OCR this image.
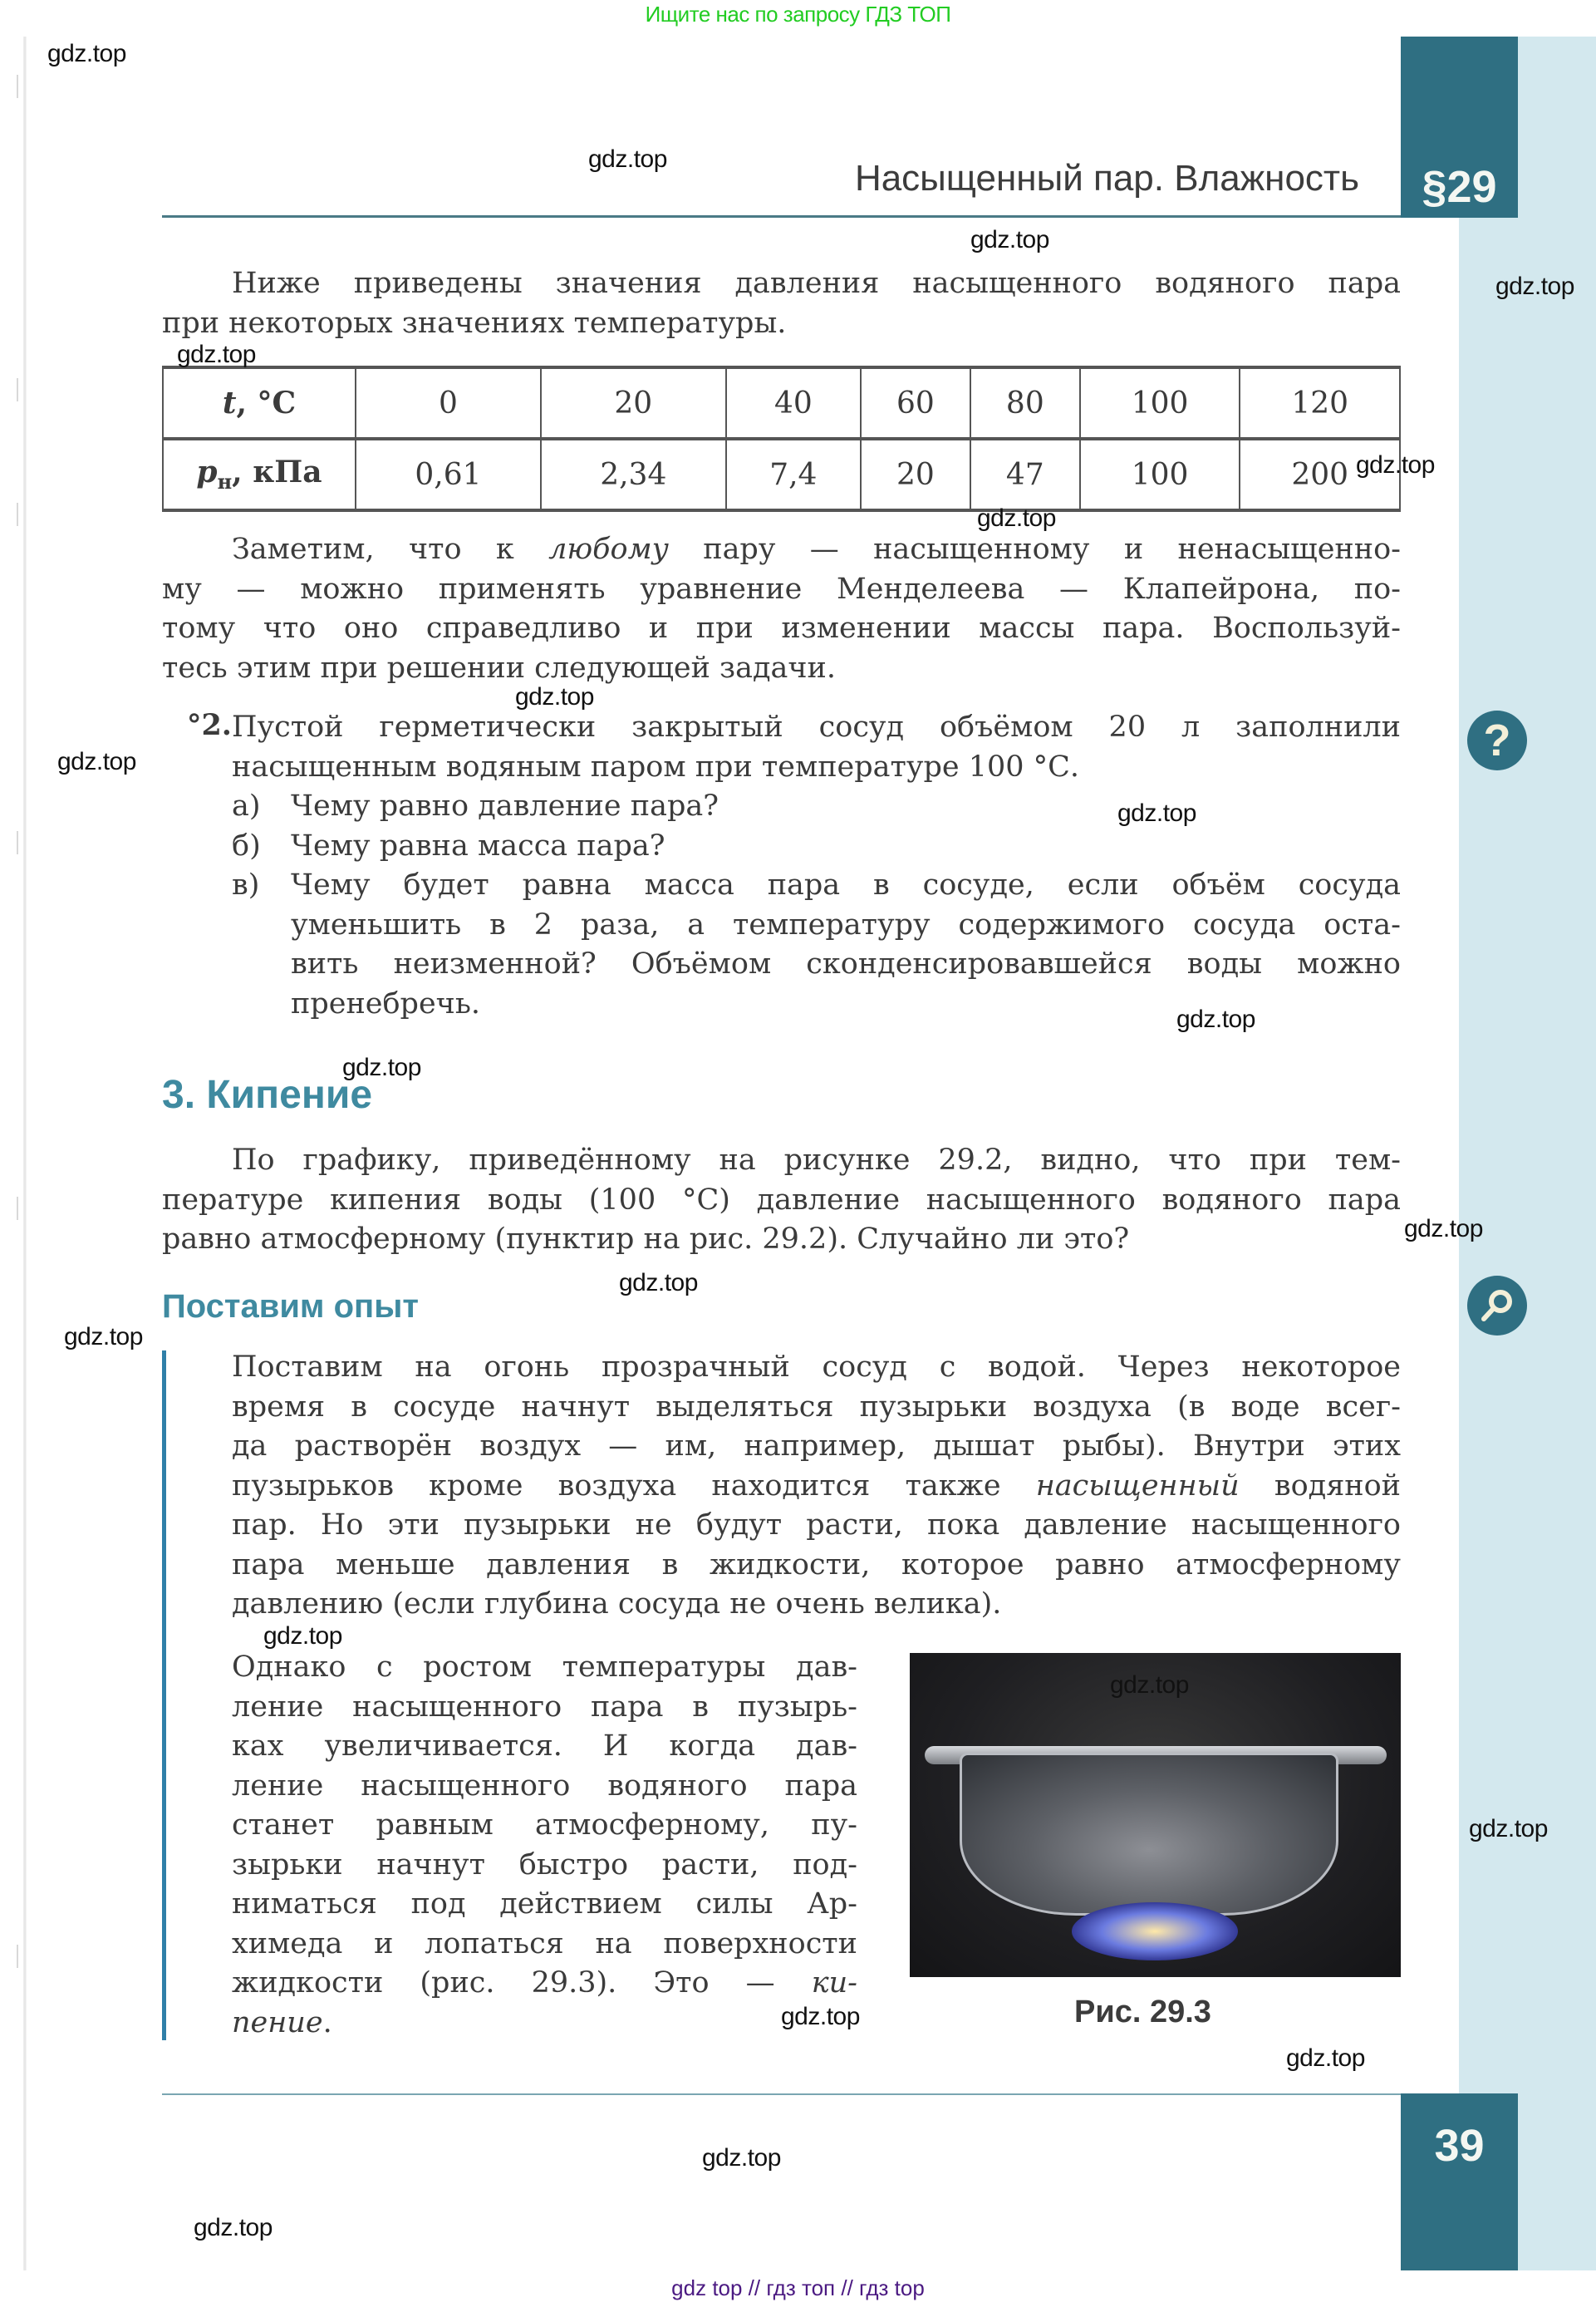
Ищите нас по запросу ГДЗ ТОП
§29
Насыщенный пар. Влажность
Ниже приведены значения давления насыщенного водяного пара
при некоторых значениях температуры.
t, °C	0	20	40	60	80	100	120
$p_н$, кПа	0,61	2,34	7,4	20	47	100	200
Заметим, что к любому пару — насыщенному и ненасыщенно-
му — можно применять уравнение Менделеева — Клапейрона, по-
тому что оно справедливо и при изменении массы пара. Воспользуй-
тесь этим при решении следующей задачи.
°2. Пустой герметически закрытый сосуд объёмом 20 л заполнили
насыщенным водяным паром при температуре 100 °С.
а) Чему равно давление пара?
б) Чему равна масса пара?
в) Чему будет равна масса пара в сосуде, если объём сосуда
уменьшить в 2 раза, а температуру содержимого сосуда оста-
вить неизменной? Объёмом сконденсировавшейся воды можно
пренебречь.
3. Кипение
По графику, приведённому на рисунке 29.2, видно, что при тем-
пературе кипения воды (100 °С) давление насыщенного водяного пара
равно атмосферному (пунктир на рис. 29.2). Случайно ли это?
Поставим опыт
Поставим на огонь прозрачный сосуд с водой. Через некоторое
время в сосуде начнут выделяться пузырьки воздуха (в воде всег-
да растворён воздух — им, например, дышат рыбы). Внутри этих
пузырьков кроме воздуха находится также насыщенный водяной
пар. Но эти пузырьки не будут расти, пока давление насыщенного
пара меньше давления в жидкости, которое равно атмосферному
давлению (если глубина сосуда не очень велика).
Однако с ростом температуры дав-
ление насыщенного пара в пузырь-
ках увеличивается. И когда дав-
ление насыщенного водяного пара
станет равным атмосферному, пу-
зырьки начнут быстро расти, под-
ниматься под действием силы Ар-
химеда и лопаться на поверхности
жидкости (рис. 29.3). Это — ки-
пение.	Рис. 29.3
?
39
gdz.top
gdz.top
gdz.top
gdz.top
gdz.top
gdz.top
gdz.top
gdz.top
gdz.top
gdz.top
gdz.top
gdz.top
gdz.top
gdz.top
gdz.top
gdz.top
gdz.top
gdz.top
gdz.top
gdz.top
gdz.top
gdz.top
gdz top // гдз топ // гдз top
